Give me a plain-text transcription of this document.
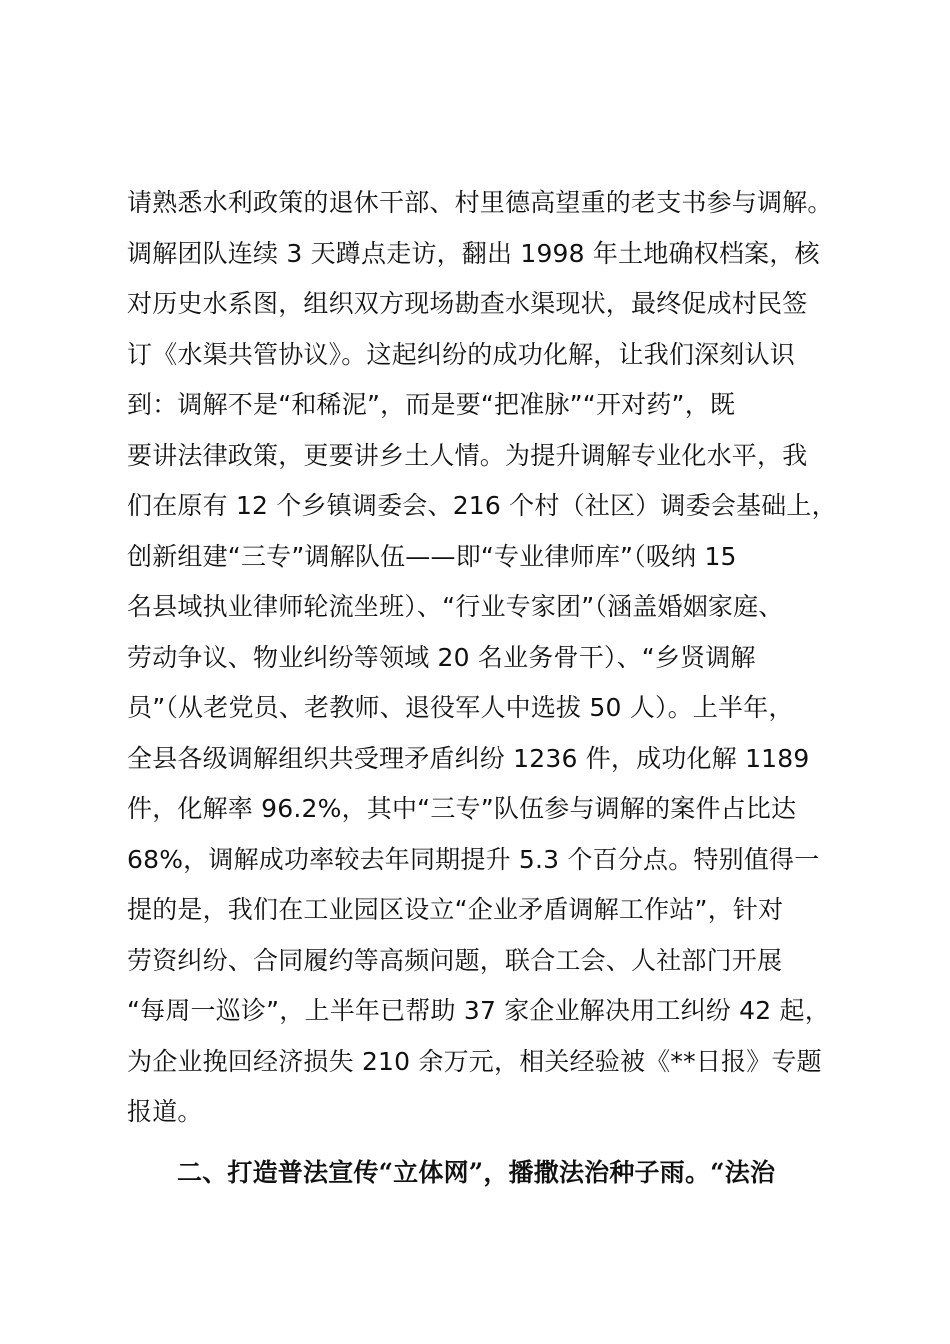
请熟悉水利政策的退休干部、村里德高望重的老支书参与调解。
调解团队连续 3 天蹲点走访，翻出 1998 年土地确权档案，核
对历史水系图，组织双方现场勘查水渠现状，最终促成村民签
订《水渠共管协议》。这起纠纷的成功化解，让我们深刻认识
到：调解不是“和稀泥”，而是要“把准脉”“开对药”，既
要讲法律政策，更要讲乡土人情。为提升调解专业化水平，我
们在原有 12 个乡镇调委会、216 个村（社区）调委会基础上，
创新组建“三专”调解队伍——即“专业律师库”（吸纳 15
名县域执业律师轮流坐班）、“行业专家团”（涵盖婚姻家庭、
劳动争议、物业纠纷等领域 20 名业务骨干）、“乡贤调解
员”（从老党员、老教师、退役军人中选拔 50 人）。上半年，
全县各级调解组织共受理矛盾纠纷 1236 件，成功化解 1189
件，化解率 96.2%，其中“三专”队伍参与调解的案件占比达
68%，调解成功率较去年同期提升 5.3 个百分点。特别值得一
提的是，我们在工业园区设立“企业矛盾调解工作站”，针对
劳资纠纷、合同履约等高频问题，联合工会、人社部门开展
“每周一巡诊”，上半年已帮助 37 家企业解决用工纠纷 42 起，
为企业挽回经济损失 210 余万元，相关经验被《**日报》专题
报道。
二、打造普法宣传“立体网”，播撒法治种子雨。“法治
